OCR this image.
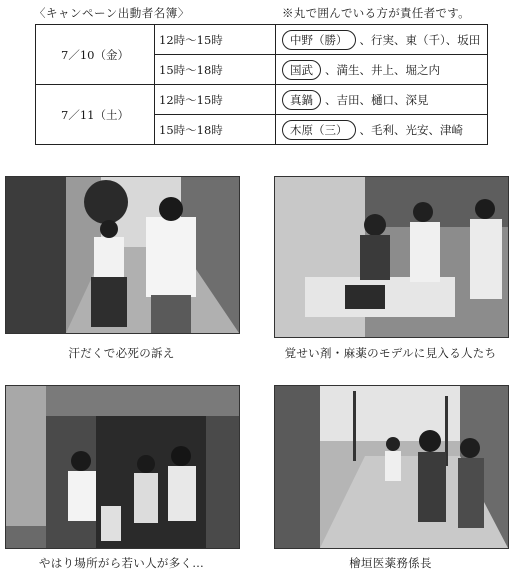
〈キャンペーン出動者名簿〉	※丸で囲んでいる方が責任者です。
7／10（金）	12時〜15時	中野（勝） 、行実、東（千）、坂田
	15時〜18時	国武 、満生、井上、堀之内
7／11（土）	12時〜15時	真鍋 、吉田、樋口、深見
	15時〜18時	木原（三） 、毛利、光安、津崎
汗だくで必死の訴え	覚せい剤・麻薬のモデルに見入る人たち
やはり場所がら若い人が多く…	檜垣医薬務係長
